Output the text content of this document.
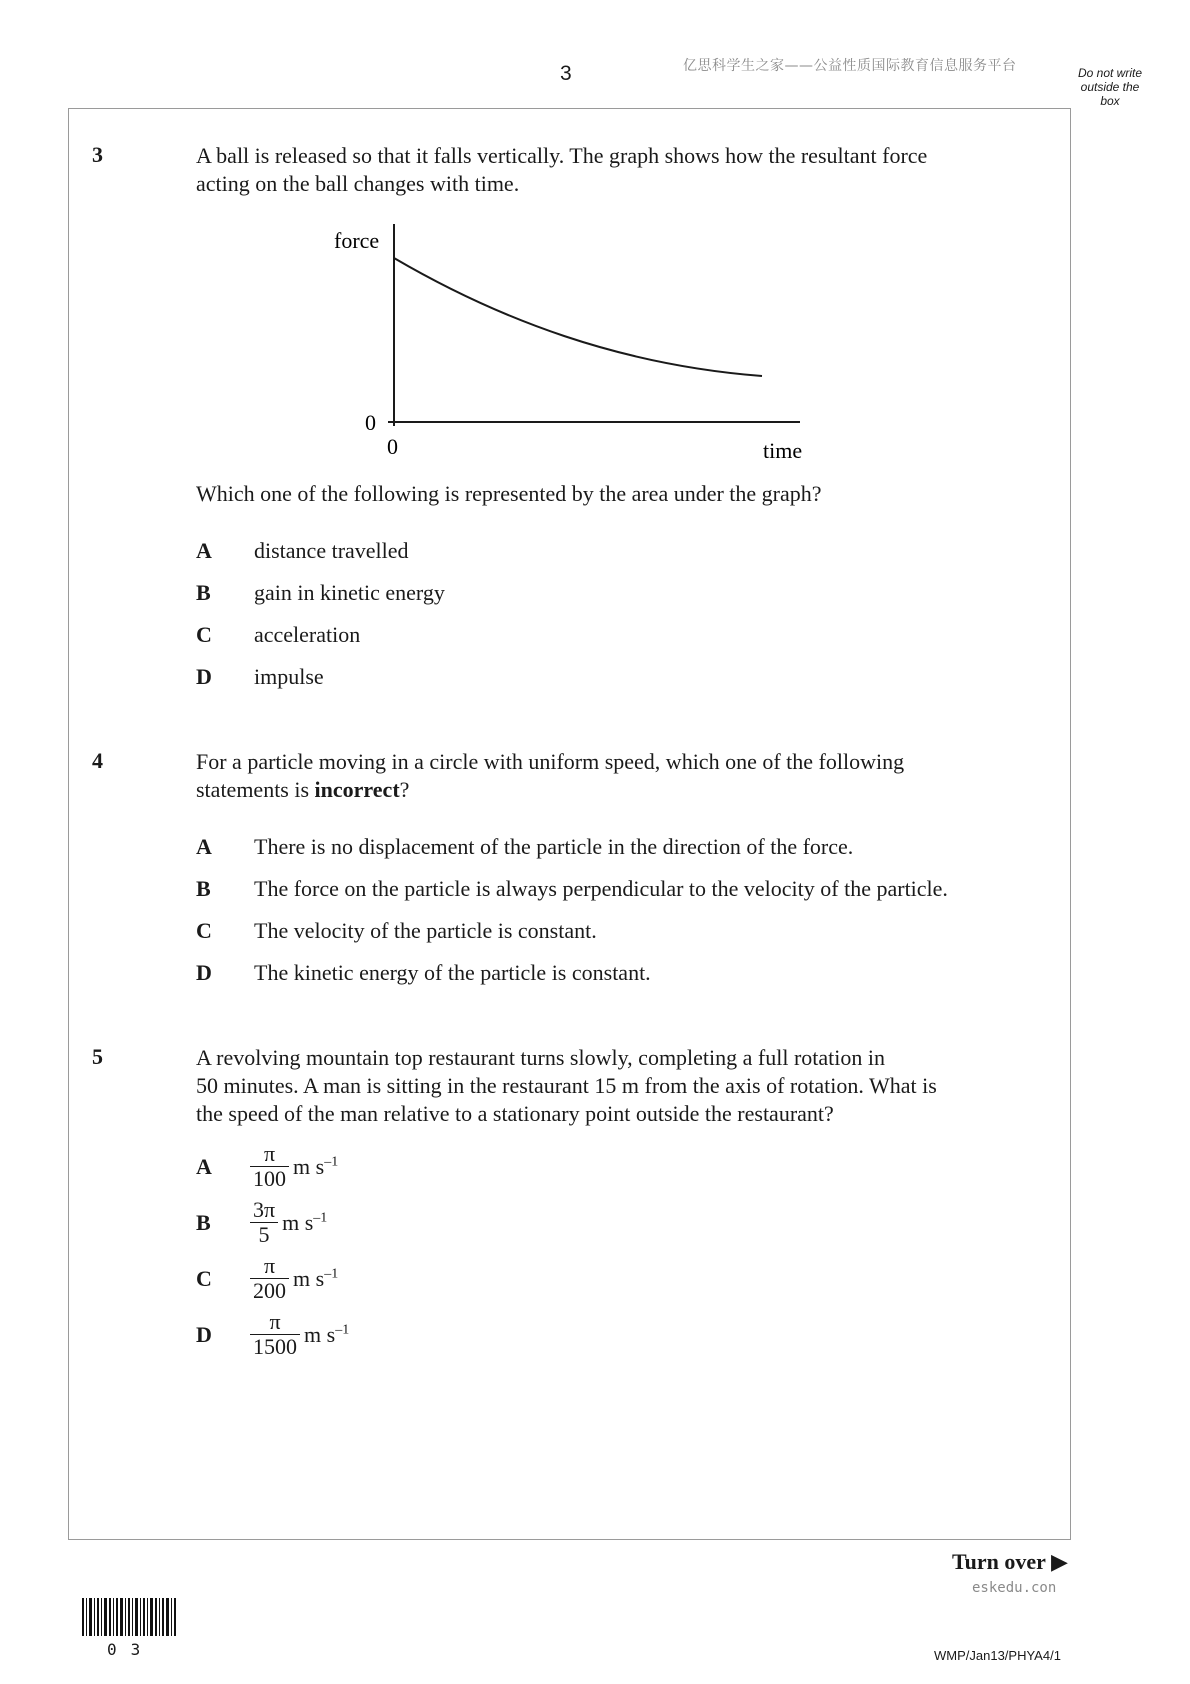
3	亿思科学生之家——公益性质国际教育信息服务平台	Do not write outside the box
3	A ball is released so that it falls vertically. The graph shows how the resultant force
acting on the ball changes with time.
force
0
0	time
Which one of the following is represented by the area under the graph?
A distance travelled
B gain in kinetic energy
C acceleration
D impulse
4	For a particle moving in a circle with uniform speed, which one of the following
statements is incorrect?
A There is no displacement of the particle in the direction of the force.
B The force on the particle is always perpendicular to the velocity of the particle.
C The velocity of the particle is constant.
D The kinetic energy of the particle is constant.
5	A revolving mountain top restaurant turns slowly, completing a full rotation in
50 minutes. A man is sitting in the restaurant 15 m from the axis of rotation. What is
the speed of the man relative to a stationary point outside the restaurant?
A $\frac{\pi}{100}$ m $s^{-1}$
B $\frac{3\pi}{5}$ m $s^{-1}$
C $\frac{\pi}{200}$ m $s^{-1}$
D $\frac{\pi}{1500}$ m $s^{-1}$
Turn over ▶
eskedu.con
03	WMP/Jan13/PHYA4/1
